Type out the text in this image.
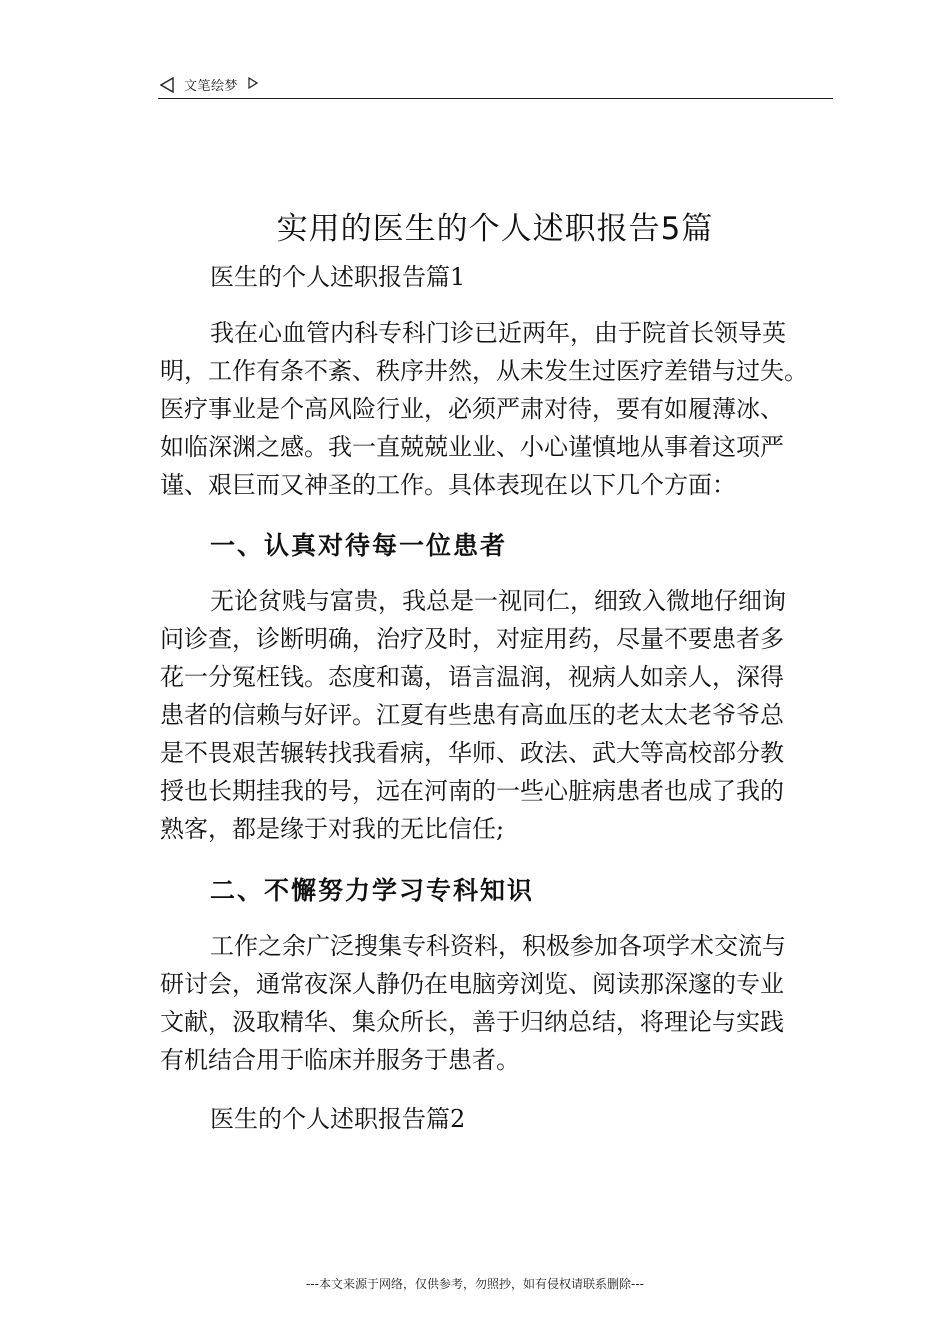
文笔绘梦
实用的医生的个人述职报告5篇
医生的个人述职报告篇1
我在心血管内科专科门诊已近两年，由于院首长领导英
明，工作有条不紊、秩序井然，从未发生过医疗差错与过失。
医疗事业是个高风险行业，必须严肃对待，要有如履薄冰、
如临深渊之感。我一直兢兢业业、小心谨慎地从事着这项严
谨、艰巨而又神圣的工作。具体表现在以下几个方面：
一、认真对待每一位患者
无论贫贱与富贵，我总是一视同仁，细致入微地仔细询
问诊查，诊断明确，治疗及时，对症用药，尽量不要患者多
花一分冤枉钱。态度和蔼，语言温润，视病人如亲人，深得
患者的信赖与好评。江夏有些患有高血压的老太太老爷爷总
是不畏艰苦辗转找我看病，华师、政法、武大等高校部分教
授也长期挂我的号，远在河南的一些心脏病患者也成了我的
熟客，都是缘于对我的无比信任;
二、不懈努力学习专科知识
工作之余广泛搜集专科资料，积极参加各项学术交流与
研讨会，通常夜深人静仍在电脑旁浏览、阅读那深邃的专业
文献，汲取精华、集众所长，善于归纳总结，将理论与实践
有机结合用于临床并服务于患者。
医生的个人述职报告篇2
---本文来源于网络，仅供参考，勿照抄，如有侵权请联系删除---
